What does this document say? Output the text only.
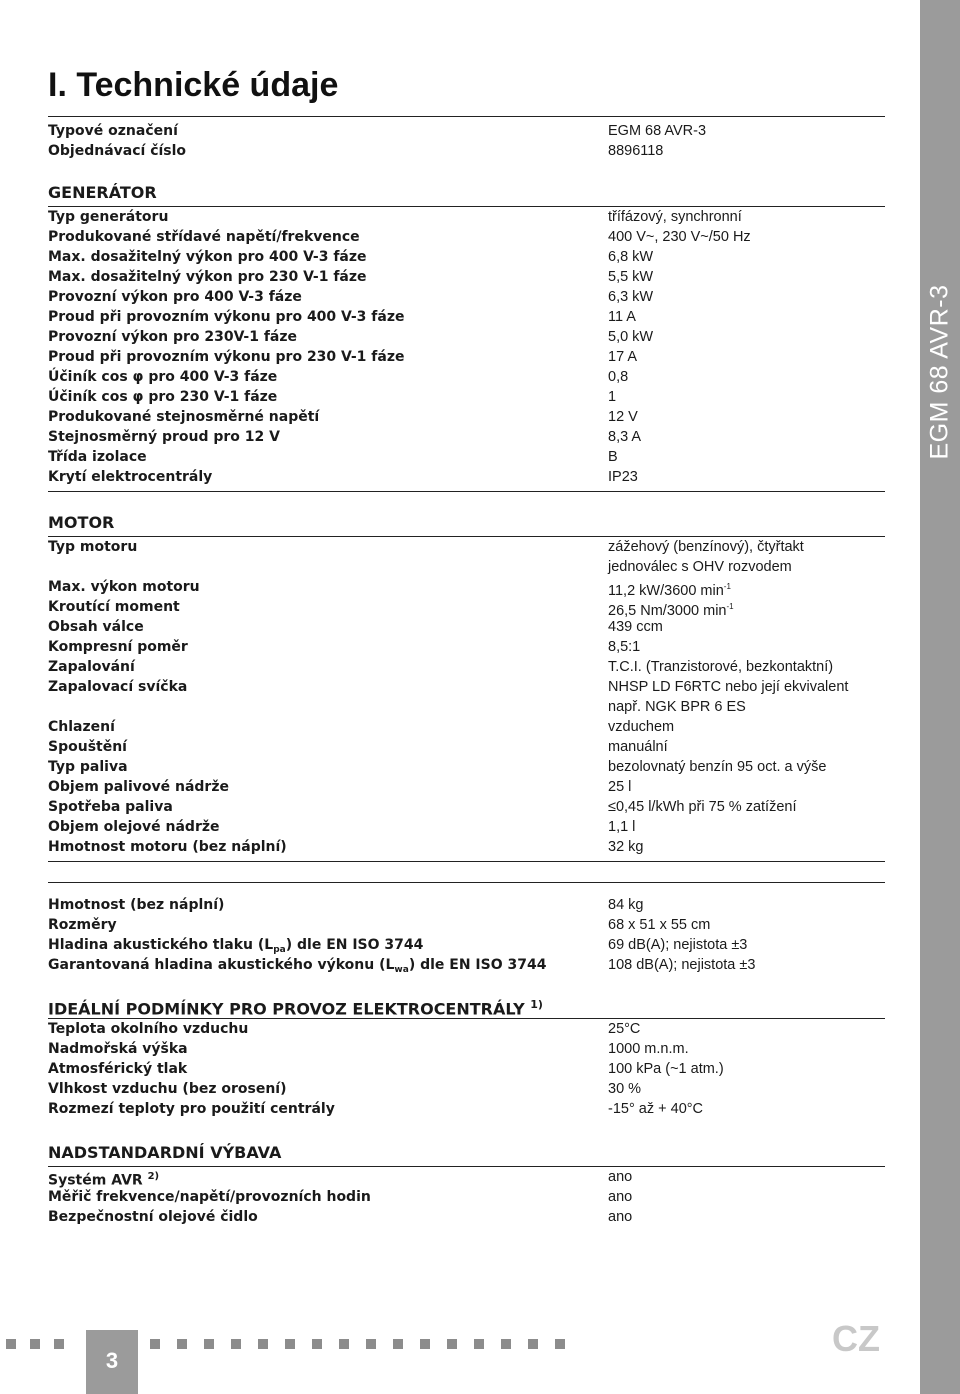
EGM 68 AVR-3
I. Technické údaje
Typové označení	EGM 68 AVR-3
Objednávací číslo	8896118
GENERÁTOR
Typ generátoru	třífázový, synchronní
Produkované střídavé napětí/frekvence	400 V~, 230 V~/50 Hz
Max. dosažitelný výkon pro 400 V-3 fáze	6,8 kW
Max. dosažitelný výkon pro 230 V-1 fáze	5,5 kW
Provozní výkon pro 400 V-3 fáze	6,3 kW
Proud při provozním výkonu pro 400 V-3 fáze	11 A
Provozní výkon pro 230V-1 fáze	5,0 kW
Proud při provozním výkonu pro 230 V-1 fáze	17 A
Účiník cos φ pro 400 V-3 fáze	0,8
Účiník cos φ pro 230 V-1 fáze	1
Produkované stejnosměrné napětí	12 V
Stejnosměrný proud pro 12 V	8,3 A
Třída izolace	B
Krytí elektrocentrály	IP23
MOTOR
Typ motoru	zážehový (benzínový), čtyřtakt
jednoválec s OHV rozvodem
Max. výkon motoru	11,2 kW/3600 $\min^{-1}$
Kroutící moment	26,5 Nm/3000 $\min^{-1}$
Obsah válce	439 ccm
Kompresní poměr	8,5:1
Zapalování	T.C.I. (Tranzistorové, bezkontaktní)
Zapalovací svíčka	NHSP LD F6RTC nebo její ekvivalent
např. NGK BPR 6 ES
Chlazení	vzduchem
Spouštění	manuální
Typ paliva	bezolovnatý benzín 95 oct. a výše
Objem palivové nádrže	25 l
Spotřeba paliva	≤0,45 l/kWh při 75 % zatížení
Objem olejové nádrže	1,1 l
Hmotnost motoru (bez náplní)	32 kg
Hmotnost (bez náplní)	84 kg
Rozměry	68 x 51 x 55 cm
Hladina akustického tlaku $(L_{pa})$ dle EN ISO 3744	69 dB(A); nejistota ±3
Garantovaná hladina akustického výkonu $(L_{wa})$ dle EN ISO 3744	108 dB(A); nejistota ±3
IDEÁLNÍ PODMÍNKY PRO PROVOZ ELEKTROCENTRÁLY $^{1)}$
Teplota okolního vzduchu	25°C
Nadmořská výška	1000 m.n.m.
Atmosférický tlak	100 kPa (~1 atm.)
Vlhkost vzduchu (bez orosení)	30 %
Rozmezí teploty pro použití centrály	-15° až + 40°C
NADSTANDARDNÍ VÝBAVA
Systém AVR $^{2)}$	ano
Měřič frekvence/napětí/provozních hodin	ano
Bezpečnostní olejové čidlo	ano
3
CZ
